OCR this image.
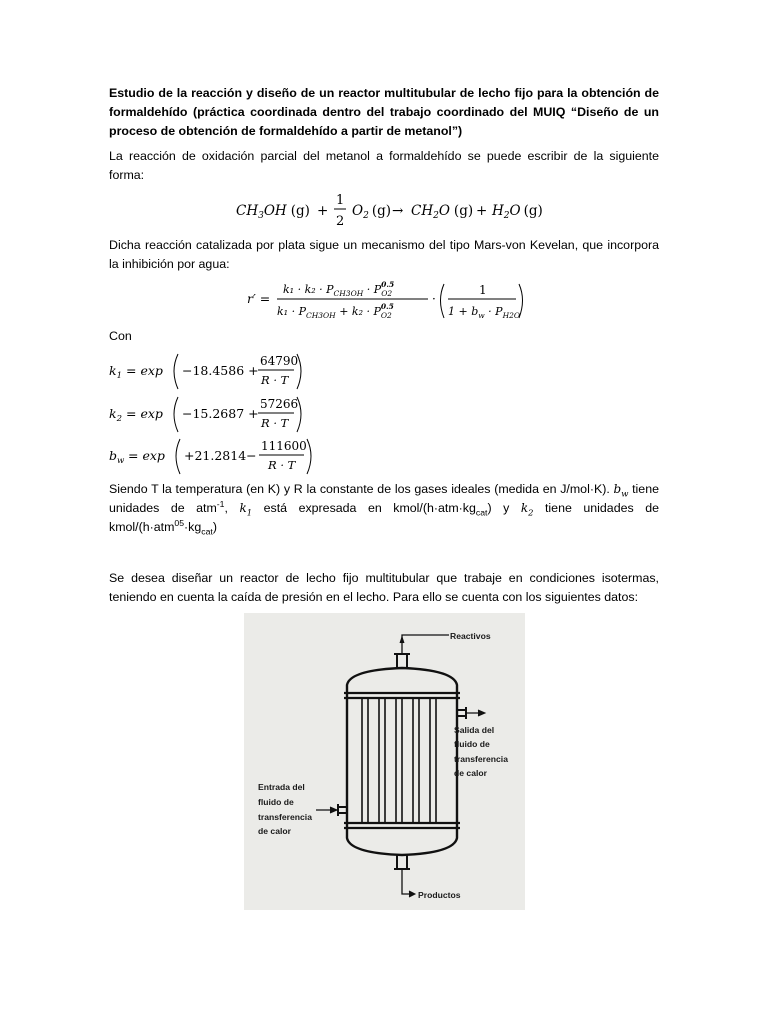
Estudio de la reacción y diseño de un reactor multitubular de lecho fijo para la obtención de formaldehído (práctica coordinada dentro del trabajo coordinado del MUIQ “Diseño de un proceso de obtención de formaldehído a partir de metanol”)

La reacción de oxidación parcial del metanol a formaldehído se puede escribir de la siguiente forma:

$CH_3OH$ (g) +
1
2
$O_2$ $(g) \to CH_2O$ $(g) + H_2O$ (g)

Dicha reacción catalizada por plata sigue un mecanismo del tipo Mars-von Kevelan, que incorpora la inhibición por agua:

r′ =
$k_1 \cdot k_2 \cdot P_{CH3OH} \cdot P_{O2}0.5$
$k_1 \cdot P_{CH3OH} + k_2 \cdot P_{O2}0.5$
·
1
$1 + b_w \cdot P_{H2O}$

Con

$k_1 = \exp -18.4586$ +
64790
R · T
$k_2 = \exp -15.2687$ +
57266
R · T
$b_w = \exp +21.2814-$
111600
R · T

Siendo T la temperatura (en K) y R la constante de los gases ideales (medida en J/mol·K). $b_w$ tiene unidades de atm$^{-1}$, $k_1$ está expresada en kmol/$(h\cdot atm\cdot kg_{cat})$ y $k_2$ tiene unidades de kmol/$(h\cdot atm^{05}\cdot kg_{cat})$

Se desea diseñar un reactor de lecho fijo multitubular que trabaje en condiciones isotermas, teniendo en cuenta la caída de presión en el lecho. Para ello se cuenta con los siguientes datos:

Reactivos
Salida del
fluido de
transferencia
de calor
Entrada del
fluido de
transferencia
de calor
Productos
